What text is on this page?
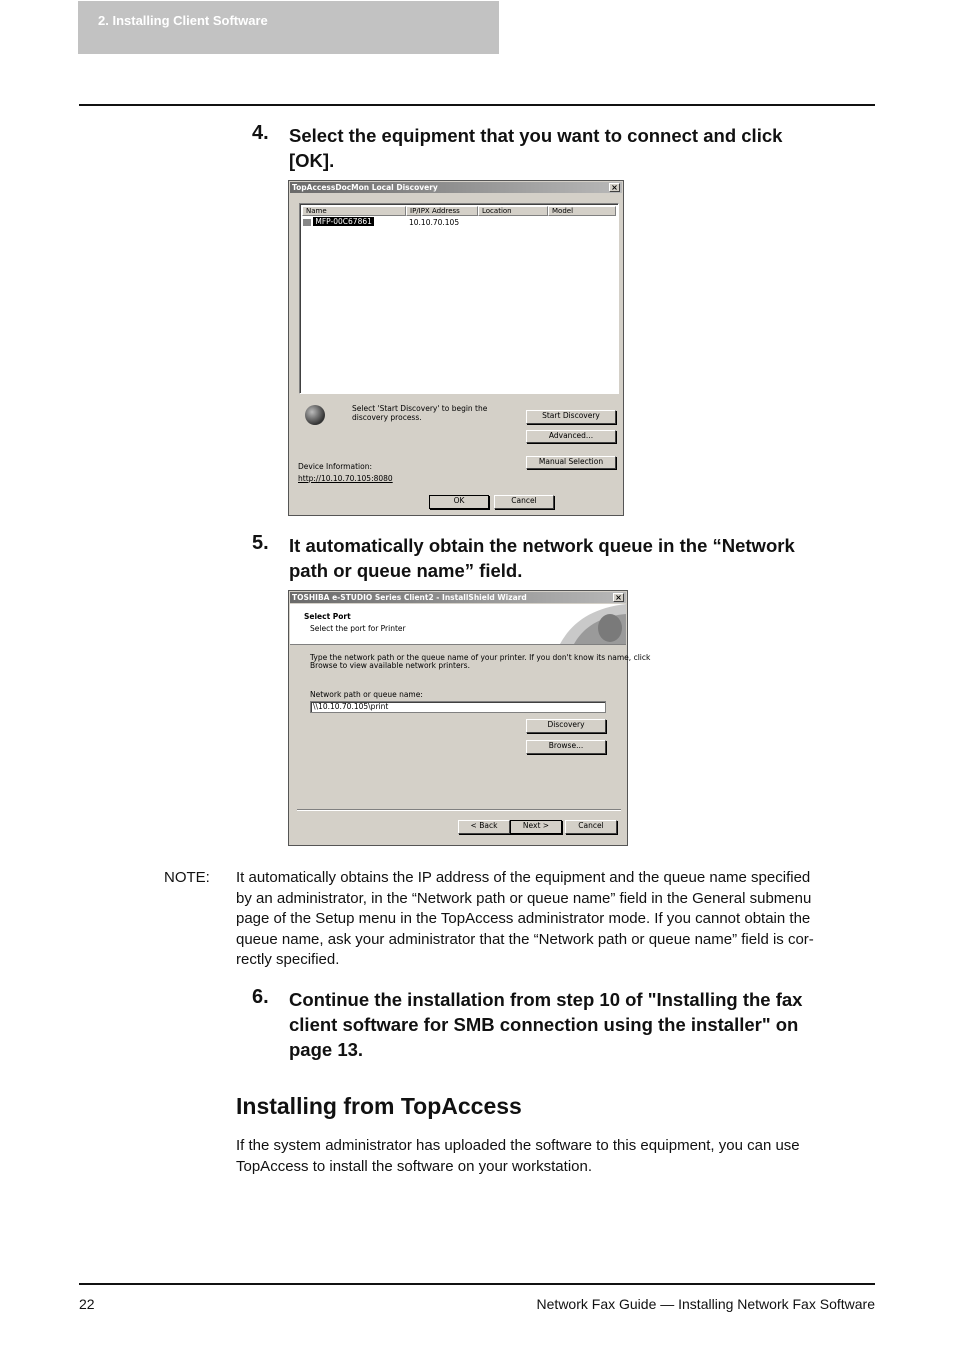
2. Installing Client Software
4. Select the equipment that you want to connect and click
[OK].
TopAccessDocMon Local Discovery	×
Name	IP/IPX Address	Location	Model
MFP-00C67861	10.10.70.105
Select 'Start Discovery' to begin the
discovery process.	Start Discovery
Advanced...
Manual Selection
Device Information:
http://10.10.70.105:8080
OK	Cancel
5. It automatically obtain the network queue in the “Network
path or queue name” field.
TOSHIBA e-STUDIO Series Client2 - InstallShield Wizard	×
Select Port
Select the port for Printer
Type the network path or the queue name of your printer. If you don't know its name, click
Browse to view available network printers.
Network path or queue name:
\\10.10.70.105\print
Discovery
Browse...
< Back	Next >	Cancel
NOTE: It automatically obtains the IP address of the equipment and the queue name specified
by an administrator, in the “Network path or queue name” field in the General submenu
page of the Setup menu in the TopAccess administrator mode. If you cannot obtain the
queue name, ask your administrator that the “Network path or queue name” field is cor-
rectly specified.
6. Continue the installation from step 10 of "Installing the fax
client software for SMB connection using the installer" on
page 13.
Installing from TopAccess
If the system administrator has uploaded the software to this equipment, you can use
TopAccess to install the software on your workstation.
22	Network Fax Guide — Installing Network Fax Software
